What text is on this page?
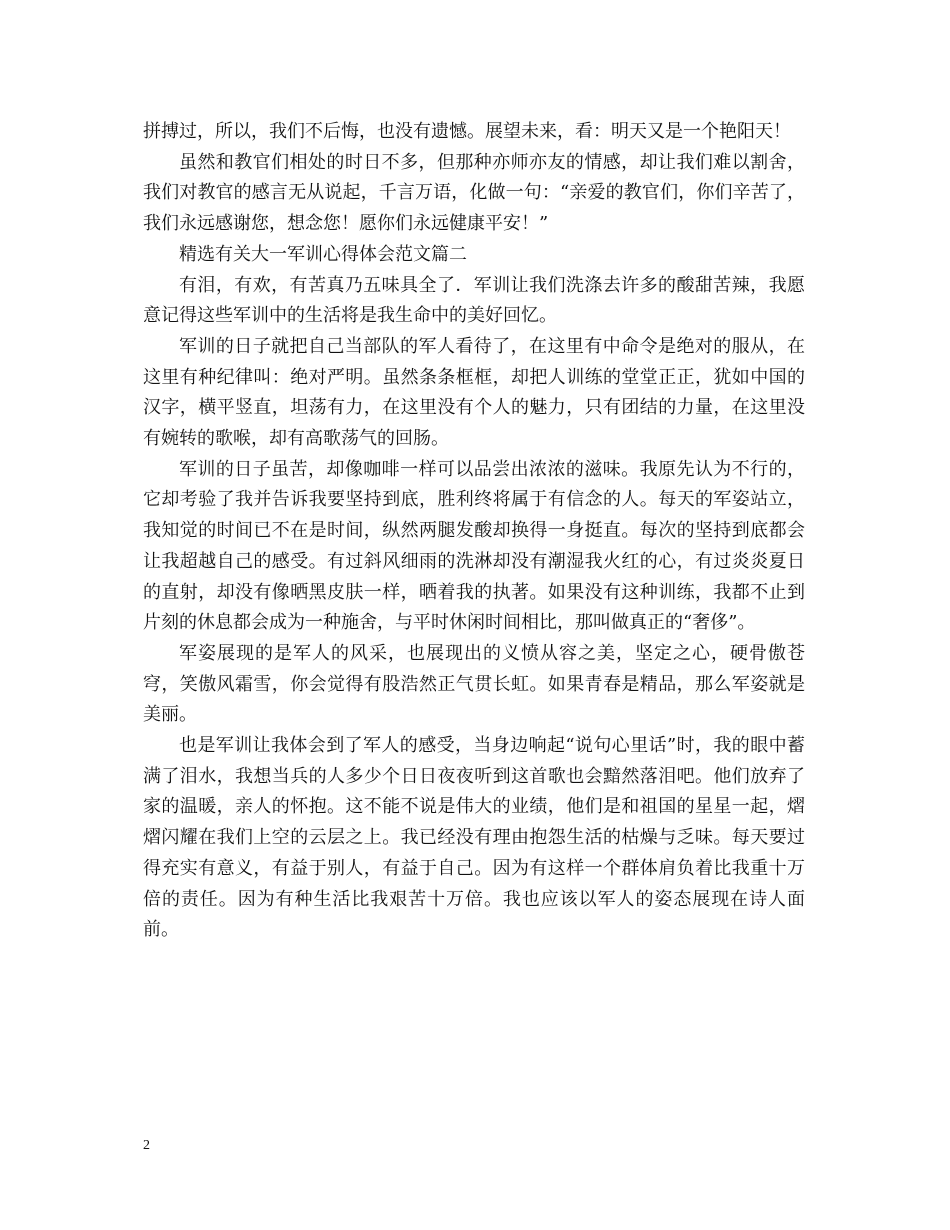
拼搏过，所以，我们不后悔，也没有遗憾。展望未来，看：明天又是一个艳阳天！

虽然和教官们相处的时日不多，但那种亦师亦友的情感，却让我们难以割舍，我们对教官的感言无从说起，千言万语，化做一句：“亲爱的教官们，你们辛苦了，我们永远感谢您，想念您！愿你们永远健康平安！”

精选有关大一军训心得体会范文篇二

有泪，有欢，有苦真乃五味具全了．军训让我们洗涤去许多的酸甜苦辣，我愿意记得这些军训中的生活将是我生命中的美好回忆。

军训的日子就把自己当部队的军人看待了，在这里有中命令是绝对的服从，在这里有种纪律叫：绝对严明。虽然条条框框，却把人训练的堂堂正正，犹如中国的汉字，横平竖直，坦荡有力，在这里没有个人的魅力，只有团结的力量，在这里没有婉转的歌喉，却有高歌荡气的回肠。

军训的日子虽苦，却像咖啡一样可以品尝出浓浓的滋味。我原先认为不行的，它却考验了我并告诉我要坚持到底，胜利终将属于有信念的人。每天的军姿站立，我知觉的时间已不在是时间，纵然两腿发酸却换得一身挺直。每次的坚持到底都会让我超越自己的感受。有过斜风细雨的洗淋却没有潮湿我火红的心，有过炎炎夏日的直射，却没有像晒黑皮肤一样，晒着我的执著。如果没有这种训练，我都不止到片刻的休息都会成为一种施舍，与平时休闲时间相比，那叫做真正的“奢侈”。

军姿展现的是军人的风采，也展现出的义愤从容之美，坚定之心，硬骨傲苍穹，笑傲风霜雪，你会觉得有股浩然正气贯长虹。如果青春是精品，那么军姿就是美丽。

也是军训让我体会到了军人的感受，当身边响起“说句心里话”时，我的眼中蓄满了泪水，我想当兵的人多少个日日夜夜听到这首歌也会黯然落泪吧。他们放弃了家的温暖，亲人的怀抱。这不能不说是伟大的业绩，他们是和祖国的星星一起，熠熠闪耀在我们上空的云层之上。我已经没有理由抱怨生活的枯燥与乏味。每天要过得充实有意义，有益于别人，有益于自己。因为有这样一个群体肩负着比我重十万倍的责任。因为有种生活比我艰苦十万倍。我也应该以军人的姿态展现在诗人面前。

2
